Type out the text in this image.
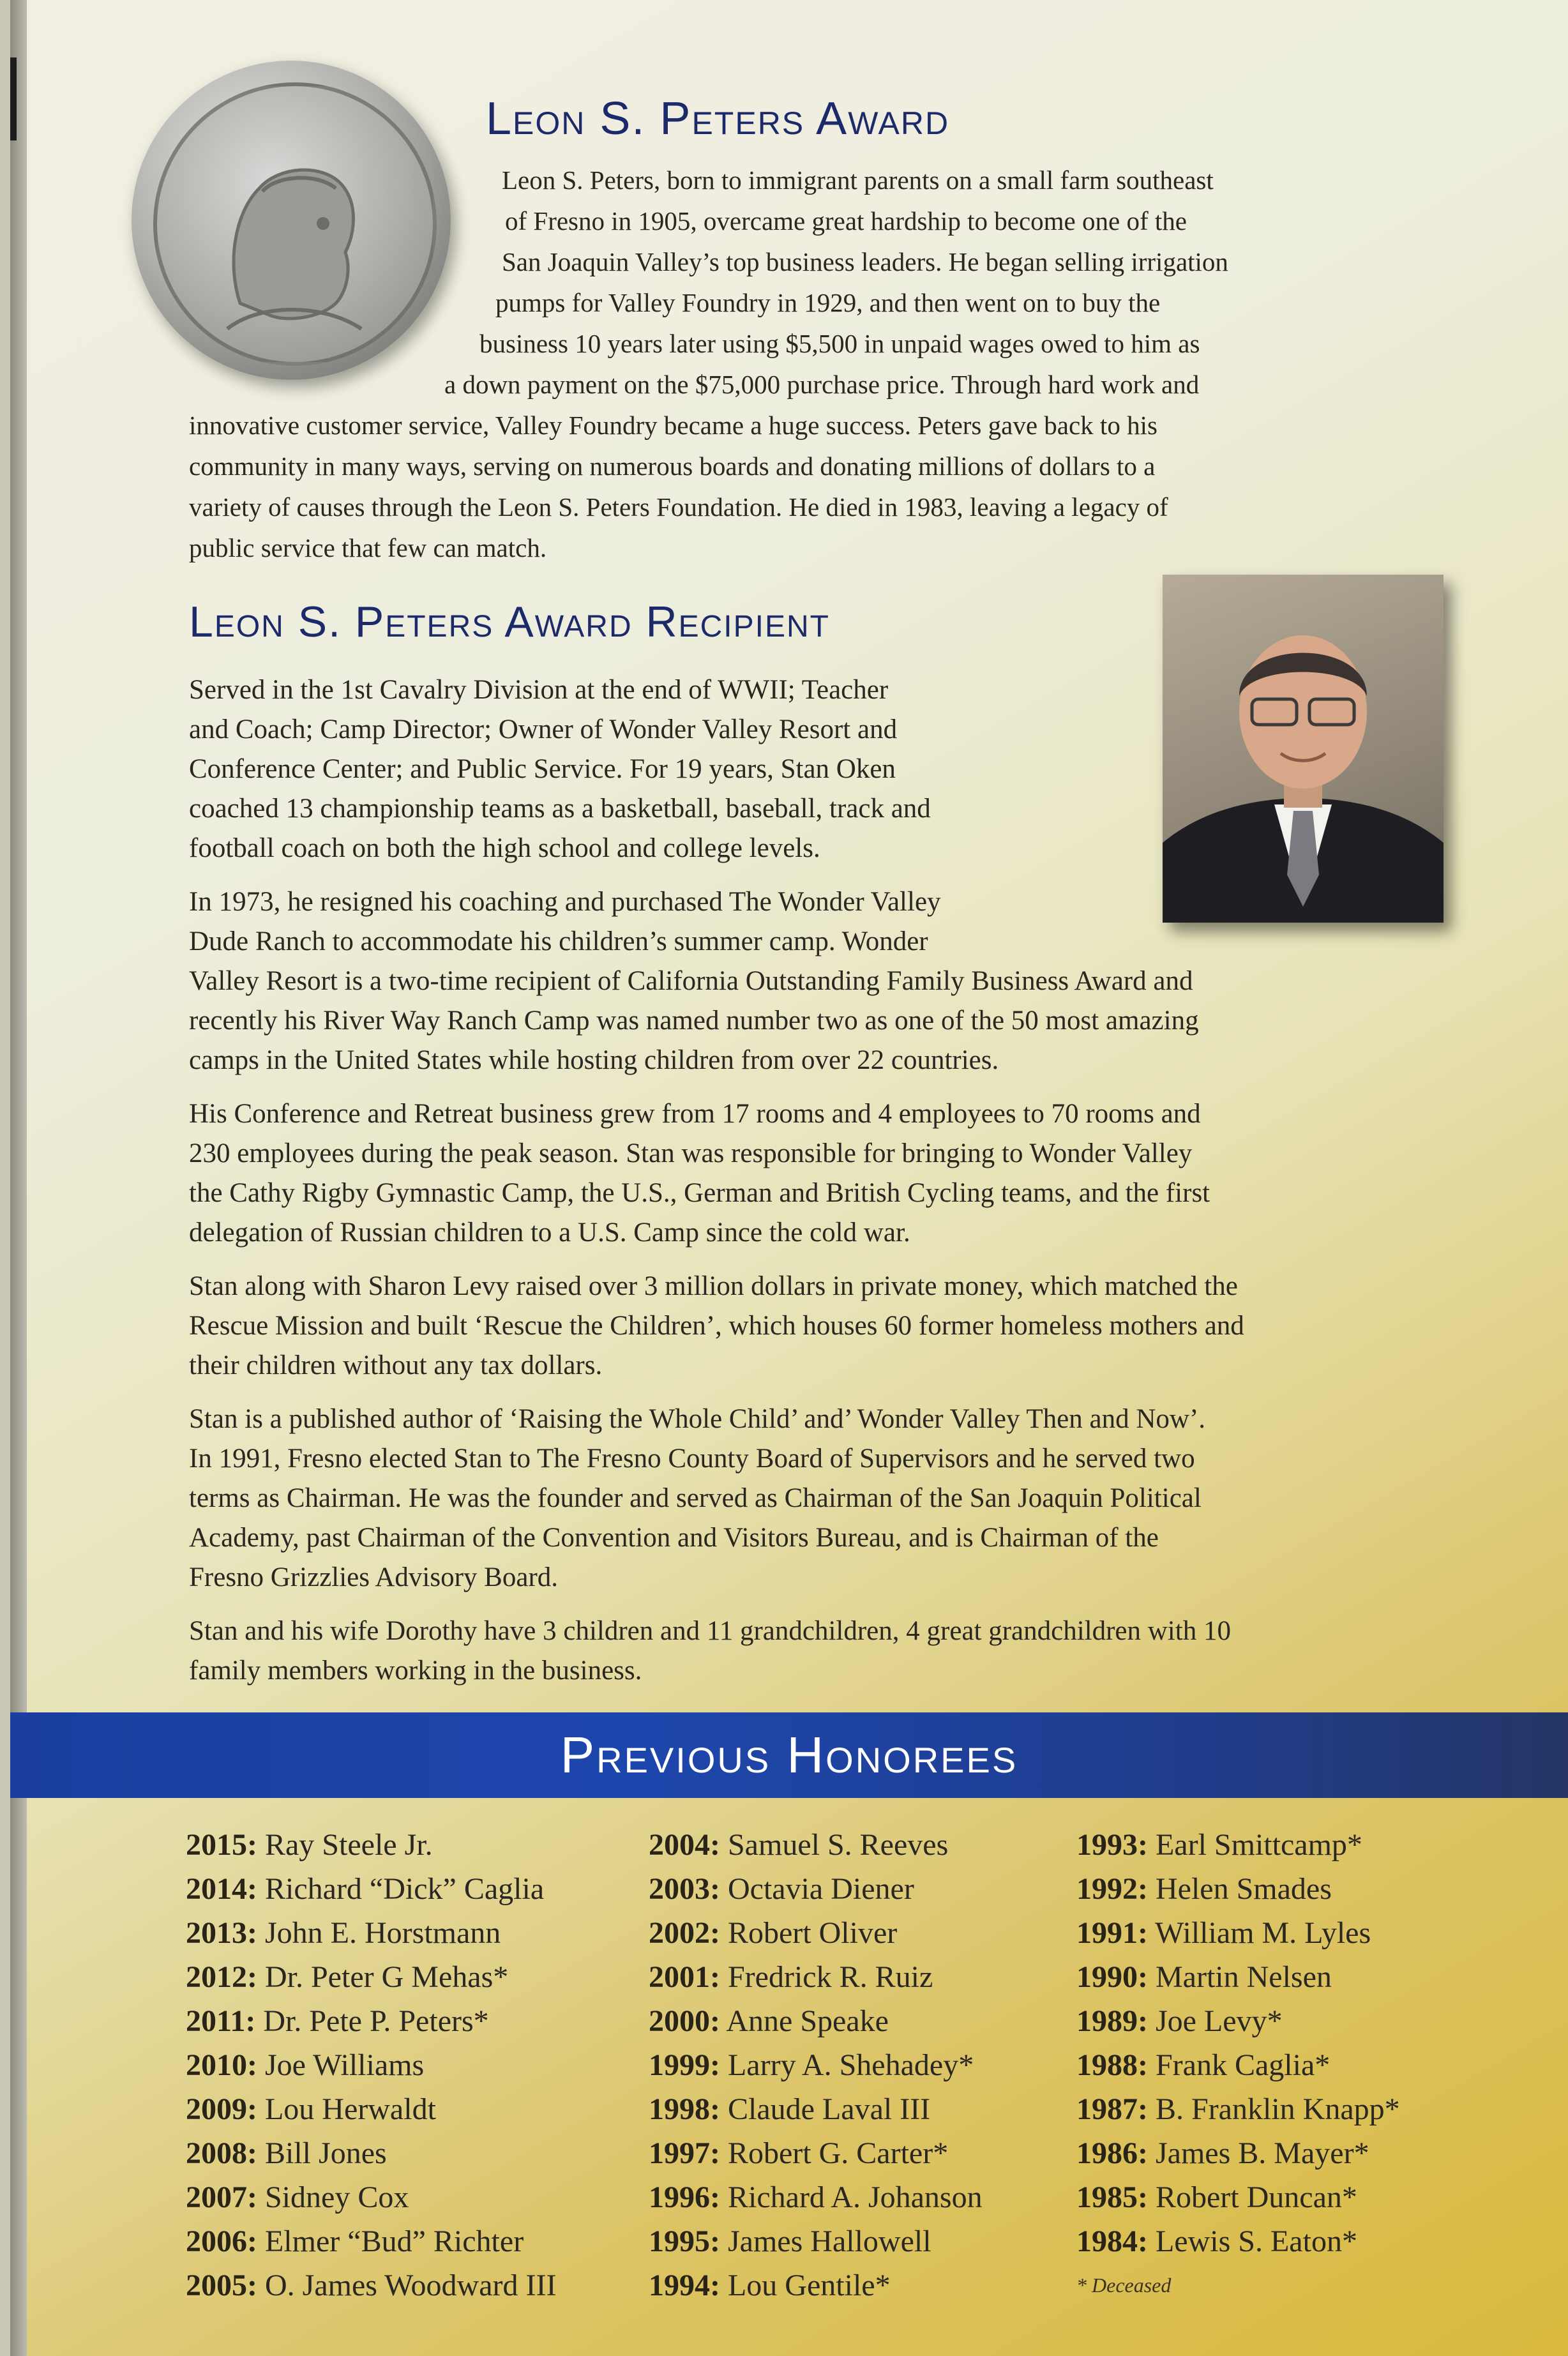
Leon S. Peters Award
Leon S. Peters, born to immigrant parents on a small farm southeast
of Fresno in 1905, overcame great hardship to become one of the
San Joaquin Valley’s top business leaders. He began selling irrigation
pumps for Valley Foundry in 1929, and then went on to buy the
business 10 years later using $5,500 in unpaid wages owed to him as
a down payment on the $75,000 purchase price. Through hard work and
innovative customer service, Valley Foundry became a huge success. Peters gave back to his
community in many ways, serving on numerous boards and donating millions of dollars to a
variety of causes through the Leon S. Peters Foundation. He died in 1983, leaving a legacy of
public service that few can match.
Leon S. Peters Award Recipient

Served in the 1st Cavalry Division at the end of WWII; Teacher
and Coach; Camp Director; Owner of Wonder Valley Resort and
Conference Center; and Public Service. For 19 years, Stan Oken
coached 13 championship teams as a basketball, baseball, track and
football coach on both the high school and college levels.

In 1973, he resigned his coaching and purchased The Wonder Valley
Dude Ranch to accommodate his children’s summer camp. Wonder
Valley Resort is a two-time recipient of California Outstanding Family Business Award and
recently his River Way Ranch Camp was named number two as one of the 50 most amazing
camps in the United States while hosting children from over 22 countries.

His Conference and Retreat business grew from 17 rooms and 4 employees to 70 rooms and
230 employees during the peak season. Stan was responsible for bringing to Wonder Valley
the Cathy Rigby Gymnastic Camp, the U.S., German and British Cycling teams, and the first
delegation of Russian children to a U.S. Camp since the cold war.

Stan along with Sharon Levy raised over 3 million dollars in private money, which matched the
Rescue Mission and built ‘Rescue the Children’, which houses 60 former homeless mothers and
their children without any tax dollars.

Stan is a published author of ‘Raising the Whole Child’ and’ Wonder Valley Then and Now’.
In 1991, Fresno elected Stan to The Fresno County Board of Supervisors and he served two
terms as Chairman. He was the founder and served as Chairman of the San Joaquin Political
Academy, past Chairman of the Convention and Visitors Bureau, and is Chairman of the
Fresno Grizzlies Advisory Board.

Stan and his wife Dorothy have 3 children and 11 grandchildren, 4 great grandchildren with 10
family members working in the business.

Previous Honorees
2015: Ray Steele Jr.
2014: Richard “Dick” Caglia
2013: John E. Horstmann
2012: Dr. Peter G Mehas*
2011: Dr. Pete P. Peters*
2010: Joe Williams
2009: Lou Herwaldt
2008: Bill Jones
2007: Sidney Cox
2006: Elmer “Bud” Richter
2005: O. James Woodward III
2004: Samuel S. Reeves
2003: Octavia Diener
2002: Robert Oliver
2001: Fredrick R. Ruiz
2000: Anne Speake
1999: Larry A. Shehadey*
1998: Claude Laval III
1997: Robert G. Carter*
1996: Richard A. Johanson
1995: James Hallowell
1994: Lou Gentile*
1993: Earl Smittcamp*
1992: Helen Smades
1991: William M. Lyles
1990: Martin Nelsen
1989: Joe Levy*
1988: Frank Caglia*
1987: B. Franklin Knapp*
1986: James B. Mayer*
1985: Robert Duncan*
1984: Lewis S. Eaton*
* Deceased
